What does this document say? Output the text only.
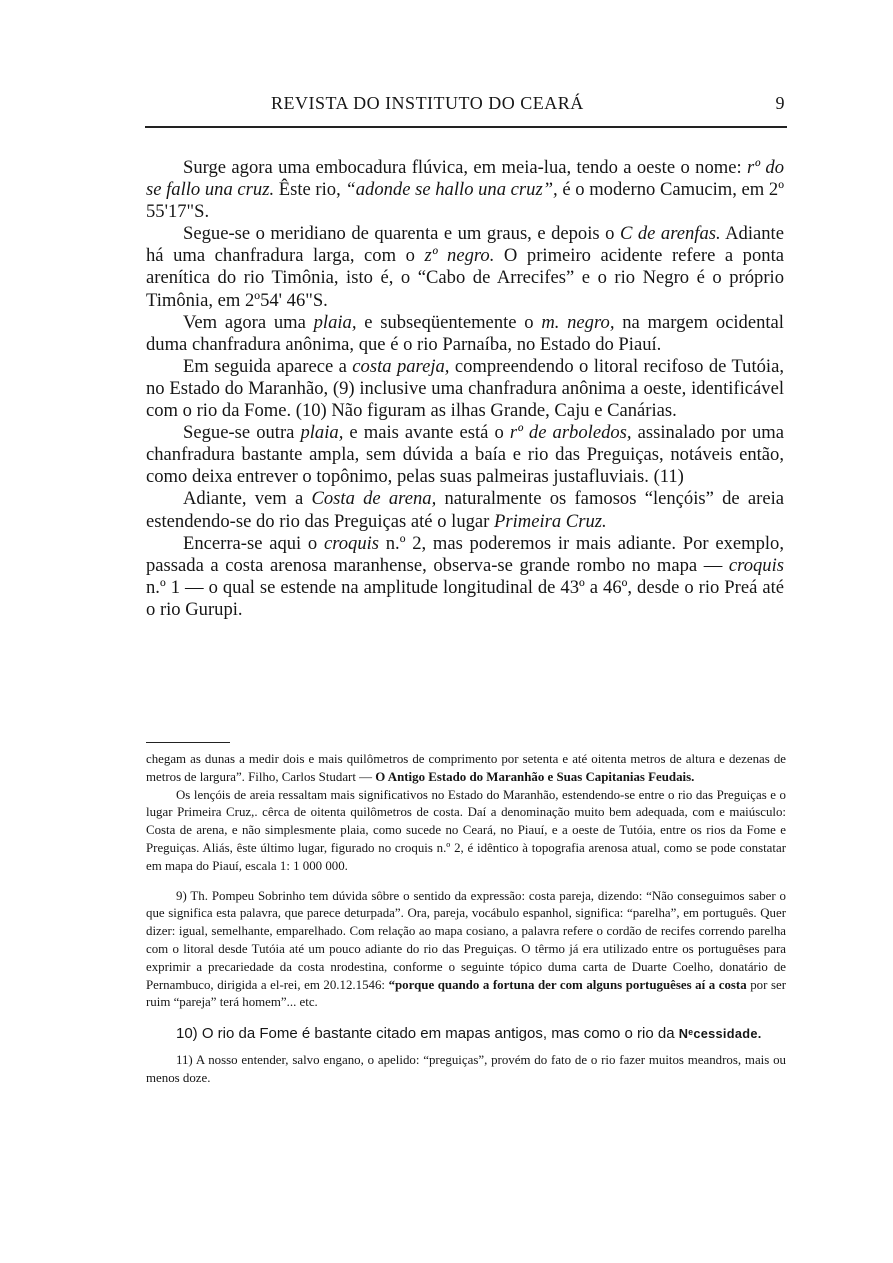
REVISTA DO INSTITUTO DO CEARÁ	9

Surge agora uma embocadura flúvica, em meia-lua, tendo a oeste o nome: rº do se fallo una cruz. Êste rio, “adonde se hallo una cruz”, é o moderno Camucim, em 2º 55'17"S.

Segue-se o meridiano de quarenta e um graus, e depois o C de arenfas. Adiante há uma chanfradura larga, com o zº negro. O primeiro acidente refere a ponta arenítica do rio Timônia, isto é, o “Cabo de Arrecifes” e o rio Negro é o próprio Timônia, em 2º54' 46"S.

Vem agora uma plaia, e subseqüentemente o m. negro, na margem ocidental duma chanfradura anônima, que é o rio Parnaíba, no Estado do Piauí.

Em seguida aparece a costa pareja, compreendendo o litoral recifoso de Tutóia, no Estado do Maranhão, (9) inclusive uma chanfradura anônima a oeste, identificável com o rio da Fome. (10) Não figuram as ilhas Grande, Caju e Canárias.

Segue-se outra plaia, e mais avante está o rº de arboledos, assinalado por uma chanfradura bastante ampla, sem dúvida a baía e rio das Preguiças, notáveis então, como deixa entrever o topônimo, pelas suas palmeiras justafluviais. (11)

Adiante, vem a Costa de arena, naturalmente os famosos “lençóis” de areia estendendo-se do rio das Preguiças até o lugar Primeira Cruz.

Encerra-se aqui o croquis n.º 2, mas poderemos ir mais adiante. Por exemplo, passada a costa arenosa maranhense, observa-se grande rombo no mapa — croquis n.º 1 — o qual se estende na amplitude longitudinal de 43º a 46º, desde o rio Preá até o rio Gurupi.

chegam as dunas a medir dois e mais quilômetros de comprimento por setenta e até oitenta metros de altura e dezenas de metros de largura”. Filho, Carlos Studart — O Antigo Estado do Maranhão e Suas Capitanias Feudais.

Os lençóis de areia ressaltam mais significativos no Estado do Maranhão, estendendo-se entre o rio das Preguiças e o lugar Primeira Cruz,. cêrca de oitenta quilômetros de costa. Daí a denominação muito bem adequada, com e maiúsculo: Costa de arena, e não simplesmente plaia, como sucede no Ceará, no Piauí, e a oeste de Tutóia, entre os rios da Fome e Preguiças. Aliás, êste último lugar, figurado no croquis n.º 2, é idêntico à topografia arenosa atual, como se pode constatar em mapa do Piauí, escala 1: 1 000 000.

9) Th. Pompeu Sobrinho tem dúvida sôbre o sentido da expressão: costa pareja, dizendo: “Não conseguimos saber o que significa esta palavra, que parece deturpada”. Ora, pareja, vocábulo espanhol, significa: “parelha”, em português. Quer dizer: igual, semelhante, emparelhado. Com relação ao mapa cosiano, a palavra refere o cordão de recifes correndo parelha com o litoral desde Tutóia até um pouco adiante do rio das Preguiças. O têrmo já era utilizado entre os portuguêses para exprimir a precariedade da costa nrodestina, conforme o seguinte tópico duma carta de Duarte Coelho, donatário de Pernambuco, dirigida a el-rei, em 20.12.1546: “porque quando a fortuna der com alguns portuguêses aí a costa por ser ruim “pareja” terá homem”... etc.

10) O rio da Fome é bastante citado em mapas antigos, mas como o rio da Nᵉcessidade.

11) A nosso entender, salvo engano, o apelido: “preguiças”, provém do fato de o rio fazer muitos meandros, mais ou menos doze.
